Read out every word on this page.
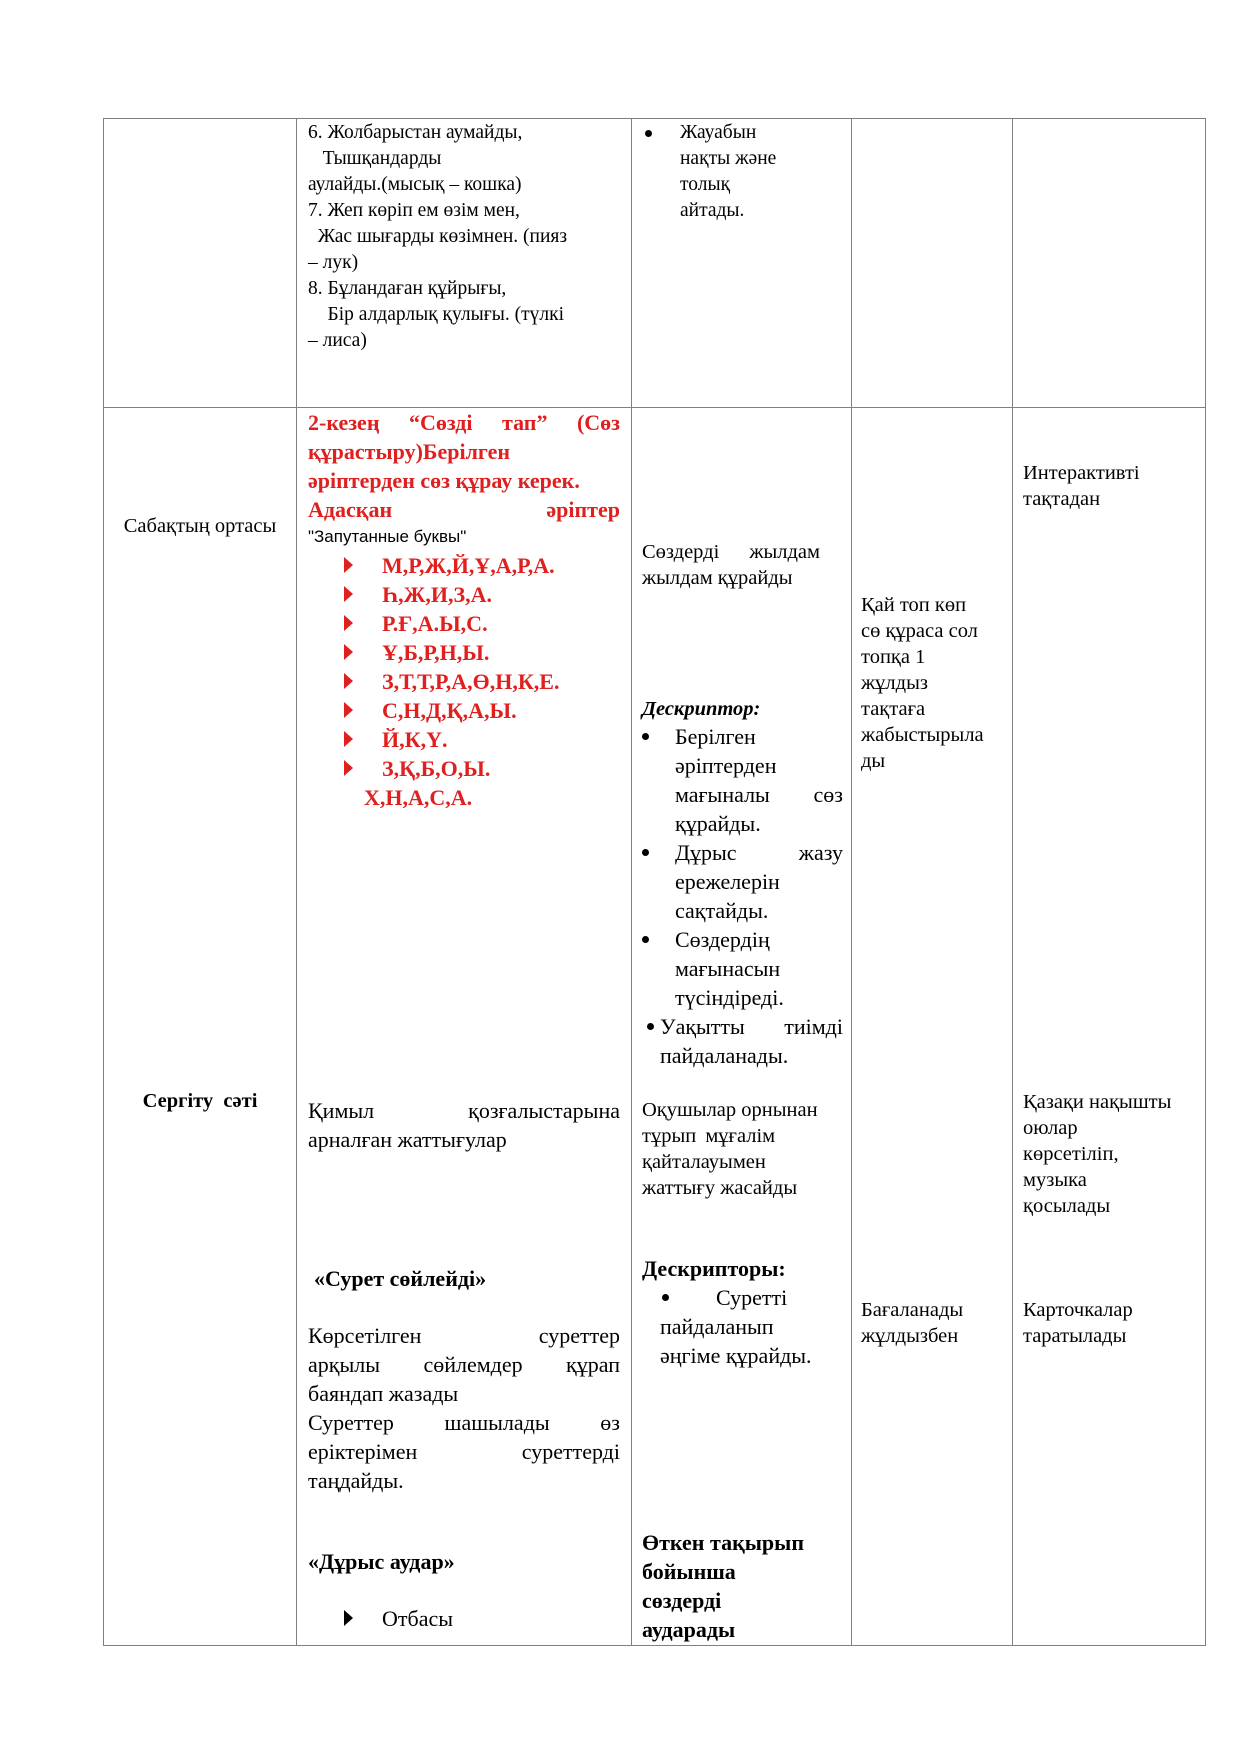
6. Жолбарыстан аумайды,
Тышқандарды
аулайды.(мысық – кошка)
7. Жеп көріп ем өзім мен,
Жас шығарды көзімнен. (пияз
– лук)
8. Бұландаған құйрығы,
Бір алдарлық қулығы. (түлкі
– лиса)
Жауабын
нақты және
толық
айтады.
Сабақтың ортасы
Сергіту  сәті
2-кезең “Сөзді тап” (Сөз
құрастыру)Берілген
әріптерден сөз құрау керек.
Адасқан әріптер
"Запутанные буквы"
М,Р,Ж,Й,Ұ,А,Р,А.
Һ,Ж,И,З,А.
Р.Ғ,А.Ы,С.
Ұ,Б,Р,Н,Ы.
З,Т,Т,Р,А,Ө,Н,К,Е.
С,Н,Д,Қ,А,Ы.
Й,К,Ү.
З,Қ,Б,О,Ы.
Х,Н,А,С,А.
Қимыл қозғалыстарына
арналған жаттығулар
«Сурет сөйлейді»
Көрсетілген суреттер
арқылы сөйлемдер құрап
баяндап жазады
Суреттер шашылады өз
еріктерімен суреттерді
таңдайды.
«Дұрыс аудар»
Отбасы
Сөздерді жылдам
жылдам құрайды
Дескриптор:
Берілген
әріптерден
мағыналы сөз
құрайды.
Дұрыс жазу
ережелерін
сақтайды.
Сөздердің
мағынасын
түсіндіреді.
Уақытты тиімді
пайдаланады.
Оқушылар орнынан
тұрып мұғалім
қайталауымен
жаттығу жасайды
Дескрипторы:
Суретті
пайдаланып
әңгіме құрайды.
Өткен тақырып
бойынша
сөздерді
аударады
Қай топ көп
сө құраса сол
топқа 1
жұлдыз
тақтаға
жабыстырыла
ды
Бағаланады
жұлдызбен
Интерактивті
тақтадан
Қазақи нақышты
оюлар
көрсетіліп,
музыка
қосылады
Карточкалар
таратылады
